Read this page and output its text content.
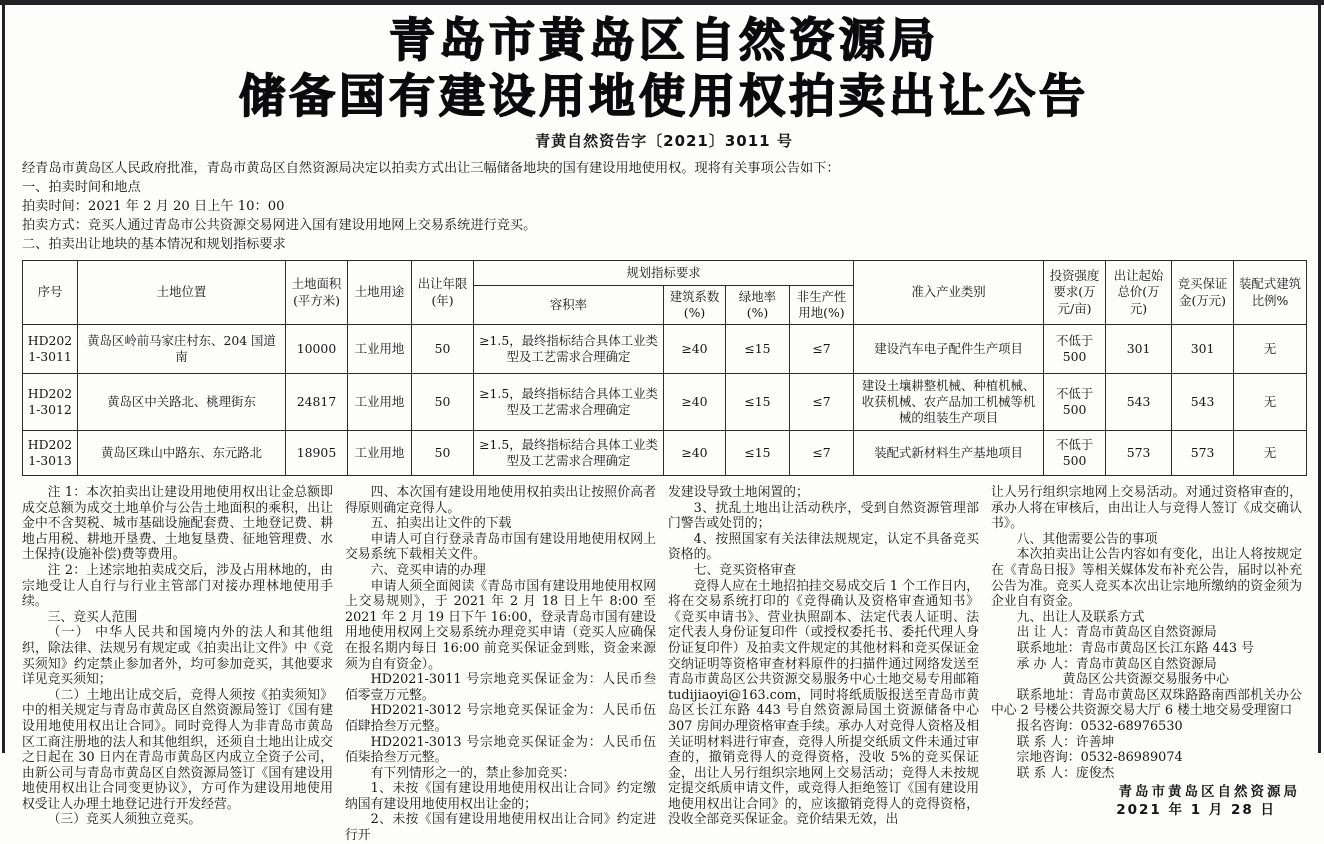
青岛市黄岛区自然资源局
储备国有建设用地使用权拍卖出让公告
青黄自然资告字〔2021〕3011 号

经青岛市黄岛区人民政府批准，青岛市黄岛区自然资源局决定以拍卖方式出让三幅储备地块的国有建设用地使用权。现将有关事项公告如下：

一、拍卖时间和地点

拍卖时间：2021 年 2 月 20 日上午 10：00

拍卖方式：竞买人通过青岛市公共资源交易网进入国有建设用地网上交易系统进行竞买。

二、拍卖出让地块的基本情况和规划指标要求

序号	土地位置	土地面积(平方米)	土地用途	出让年限(年)	规划指标要求				准入产业类别	投资强度要求(万元/亩)	出让起始总价(万元)	竞买保证金(万元)	装配式建筑比例%
					容积率	建筑系数(%)	绿地率(%)	非生产性用地(%)					
HD2021-3011	黄岛区岭前马家庄村东、204 国道南	10000	工业用地	50	≥1.5，最终指标结合具体工业类型及工艺需求合理确定	≥40	≤15	≤7	建设汽车电子配件生产项目	不低于 500	301	301	无
HD2021-3012	黄岛区中关路北、桃理街东	24817	工业用地	50	≥1.5，最终指标结合具体工业类型及工艺需求合理确定	≥40	≤15	≤7	建设土壤耕整机械、种植机械、收获机械、农产品加工机械等机械的组装生产项目	不低于 500	543	543	无
HD2021-3013	黄岛区珠山中路东、东元路北	18905	工业用地	50	≥1.5，最终指标结合具体工业类型及工艺需求合理确定	≥40	≤15	≤7	装配式新材料生产基地项目	不低于 500	573	573	无

注 1：本次拍卖出让建设用地使用权出让金总额即成交总额为成交土地单价与公告土地面积的乘积，出让金中不含契税、城市基础设施配套费、土地登记费、耕地占用税、耕地开垦费、土地复垦费、征地管理费、水土保持(设施补偿)费等费用。

注 2：上述宗地拍卖成交后，涉及占用林地的，由宗地受让人自行与行业主管部门对接办理林地使用手续。

三、竞买人范围

（一） 中华人民共和国境内外的法人和其他组织，除法律、法规另有规定或《拍卖出让文件》中《竞买须知》约定禁止参加者外，均可参加竞买，其他要求详见竞买须知；

（二）土地出让成交后，竞得人须按《拍卖须知》中的相关规定与青岛市黄岛区自然资源局签订《国有建设用地使用权出让合同》。同时竞得人为非青岛市黄岛区工商注册地的法人和其他组织，还须自土地出让成交之日起在 30 日内在青岛市黄岛区内成立全资子公司，由新公司与青岛市黄岛区自然资源局签订《国有建设用地使用权出让合同变更协议》，方可作为建设用地使用权受让人办理土地登记进行开发经营。

（三）竞买人须独立竞买。

四、本次国有建设用地使用权拍卖出让按照价高者得原则确定竞得人。

五、拍卖出让文件的下载

申请人可自行登录青岛市国有建设用地使用权网上交易系统下载相关文件。

六、竞买申请的办理

申请人须全面阅读《青岛市国有建设用地使用权网上交易规则》，于 2021 年 2 月 18 日上午 8:00 至 2021 年 2 月 19 日下午 16:00，登录青岛市国有建设用地使用权网上交易系统办理竞买申请（竞买人应确保在报名期内每日 16:00 前竞买保证金到账，资金来源须为自有资金）。

HD2021-3011 号宗地竞买保证金为：人民币叁佰零壹万元整。

HD2021-3012 号宗地竞买保证金为：人民币伍佰肆拾叁万元整。

HD2021-3013 号宗地竞买保证金为：人民币伍佰柒拾叁万元整。

有下列情形之一的，禁止参加竞买：

1、未按《国有建设用地使用权出让合同》约定缴纳国有建设用地使用权出让金的；

2、未按《国有建设用地使用权出让合同》约定进行开

发建设导致土地闲置的；

3、扰乱土地出让活动秩序，受到自然资源管理部门警告或处罚的；

4、按照国家有关法律法规规定，认定不具备竞买资格的。

七、竞买资格审查

竞得人应在土地招拍挂交易成交后 1 个工作日内，将在交易系统打印的《竞得确认及资格审查通知书》《竞买申请书》、营业执照副本、法定代表人证明、法定代表人身份证复印件（或授权委托书、委托代理人身份证复印件）及拍卖文件规定的其他材料和竞买保证金交纳证明等资格审查材料原件的扫描件通过网络发送至青岛市黄岛区公共资源交易服务中心土地交易专用邮箱 tudijiaoyi@163.com，同时将纸质版报送至青岛市黄岛区长江东路 443 号自然资源局国土资源储备中心 307 房间办理资格审查手续。承办人对竞得人资格及相关证明材料进行审查，竞得人所提交纸质文件未通过审查的，撤销竞得人的竞得资格，没收 5%的竞买保证金，出让人另行组织宗地网上交易活动；竞得人未按规定提交纸质申请文件，或竞得人拒绝签订《国有建设用地使用权出让合同》的，应该撤销竞得人的竞得资格，没收全部竞买保证金。竞价结果无效，出

让人另行组织宗地网上交易活动。对通过资格审查的，承办人将在审核后，由出让人与竞得人签订《成交确认书》。

八、其他需要公告的事项

本次拍卖出让公告内容如有变化，出让人将按规定在《青岛日报》等相关媒体发布补充公告，届时以补充公告为准。竞买人竞买本次出让宗地所缴纳的资金须为企业自有资金。

九、出让人及联系方式

出 让 人：青岛市黄岛区自然资源局

联系地址：青岛市黄岛区长江东路 443 号

承 办 人：青岛市黄岛区自然资源局

黄岛区公共资源交易服务中心

联系地址：青岛市黄岛区双珠路路南西部机关办公中心 2 号楼公共资源交易大厅 6 楼土地交易受理窗口

报名咨询：0532-68976530

联 系 人：许善坤

宗地咨询：0532-86989074

联 系 人：庞俊杰

青岛市黄岛区自然资源局
2021 年 1 月 28 日
